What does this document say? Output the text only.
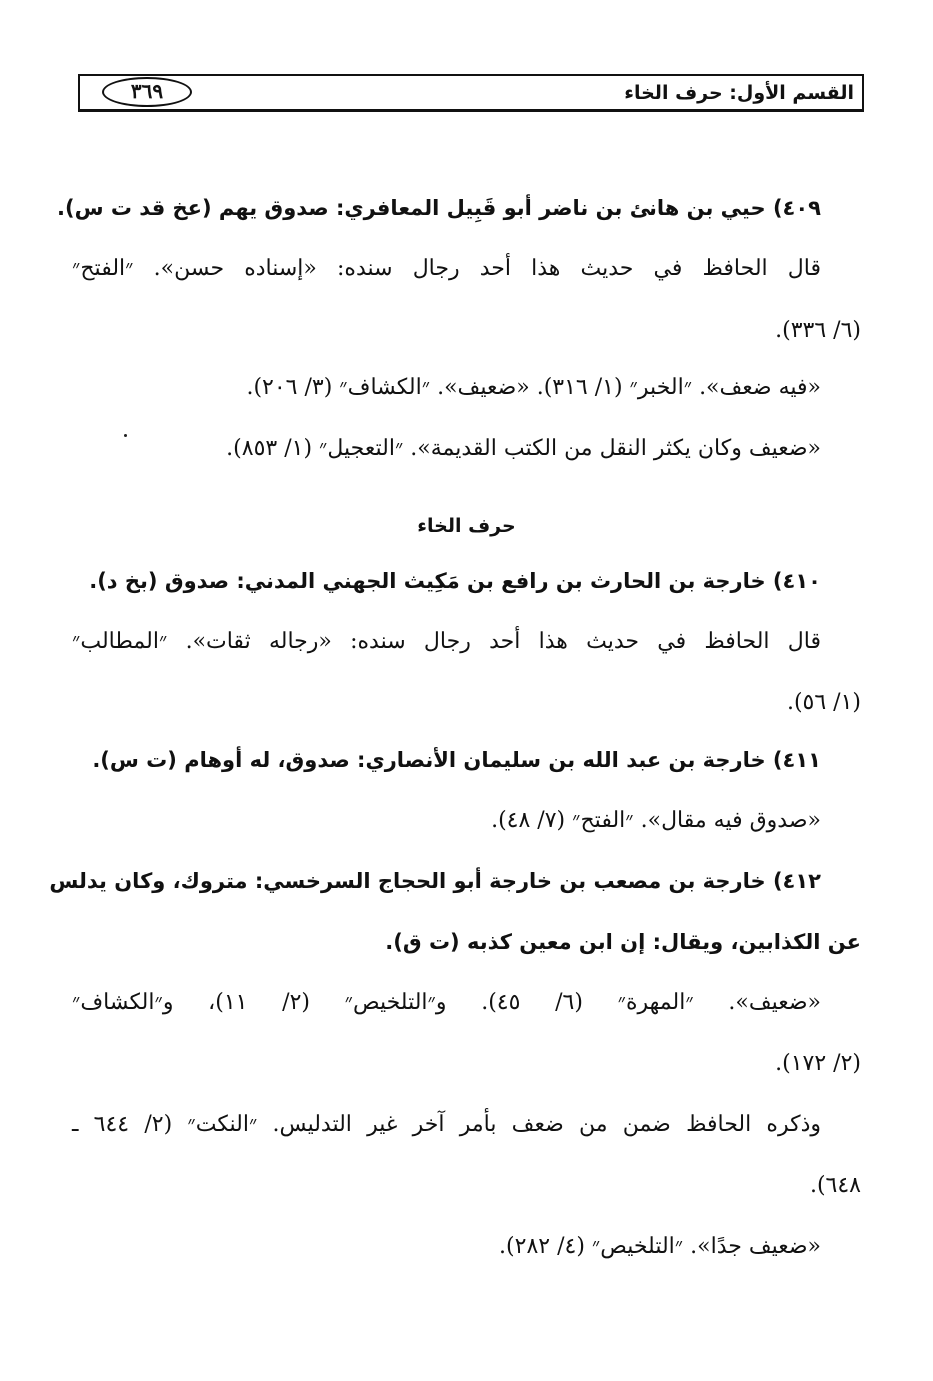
القسم الأول: حرف الخاء
٣٦٩
٤٠٩) حيي بن هانئ بن ناضر أبو قَبِيل المعافري: صدوق يهم (عخ قد ت س).
قال الحافظ في حديث هذا أحد رجال سنده: «إسناده حسن». ״الفتح״
(٦/ ٣٣٦).
«فيه ضعف». ״الخبر״ (١/ ٣١٦). «ضعيف». ״الكشاف״ (٣/ ٢٠٦).
«ضعيف وكان يكثر النقل من الكتب القديمة». ״التعجيل״ (١/ ٨٥٣).
حرف الخاء
٤١٠) خارجة بن الحارث بن رافع بن مَكِيث الجهني المدني: صدوق (بخ د).
قال الحافظ في حديث هذا أحد رجال سنده: «رجاله ثقات». ״المطالب״
(١/ ٥٦).
٤١١) خارجة بن عبد الله بن سليمان الأنصاري: صدوق، له أوهام (ت س).
«صدوق فيه مقال». ״الفتح״ (٧/ ٤٨).
٤١٢) خارجة بن مصعب بن خارجة أبو الحجاج السرخسي: متروك، وكان يدلس
عن الكذابين، ويقال: إن ابن معين كذبه (ت ق).
«ضعيف». ״المهرة״ (٦/ ٤٥). و״التلخيص״ (٢/ ١١)، و״الكشاف״
(٢/ ١٧٢).
وذكره الحافظ ضمن من ضعف بأمر آخر غير التدليس. ״النكت״ (٢/ ٦٤٤ ـ
٦٤٨).
«ضعيف جدًا». ״التلخيص״ (٤/ ٢٨٢).
